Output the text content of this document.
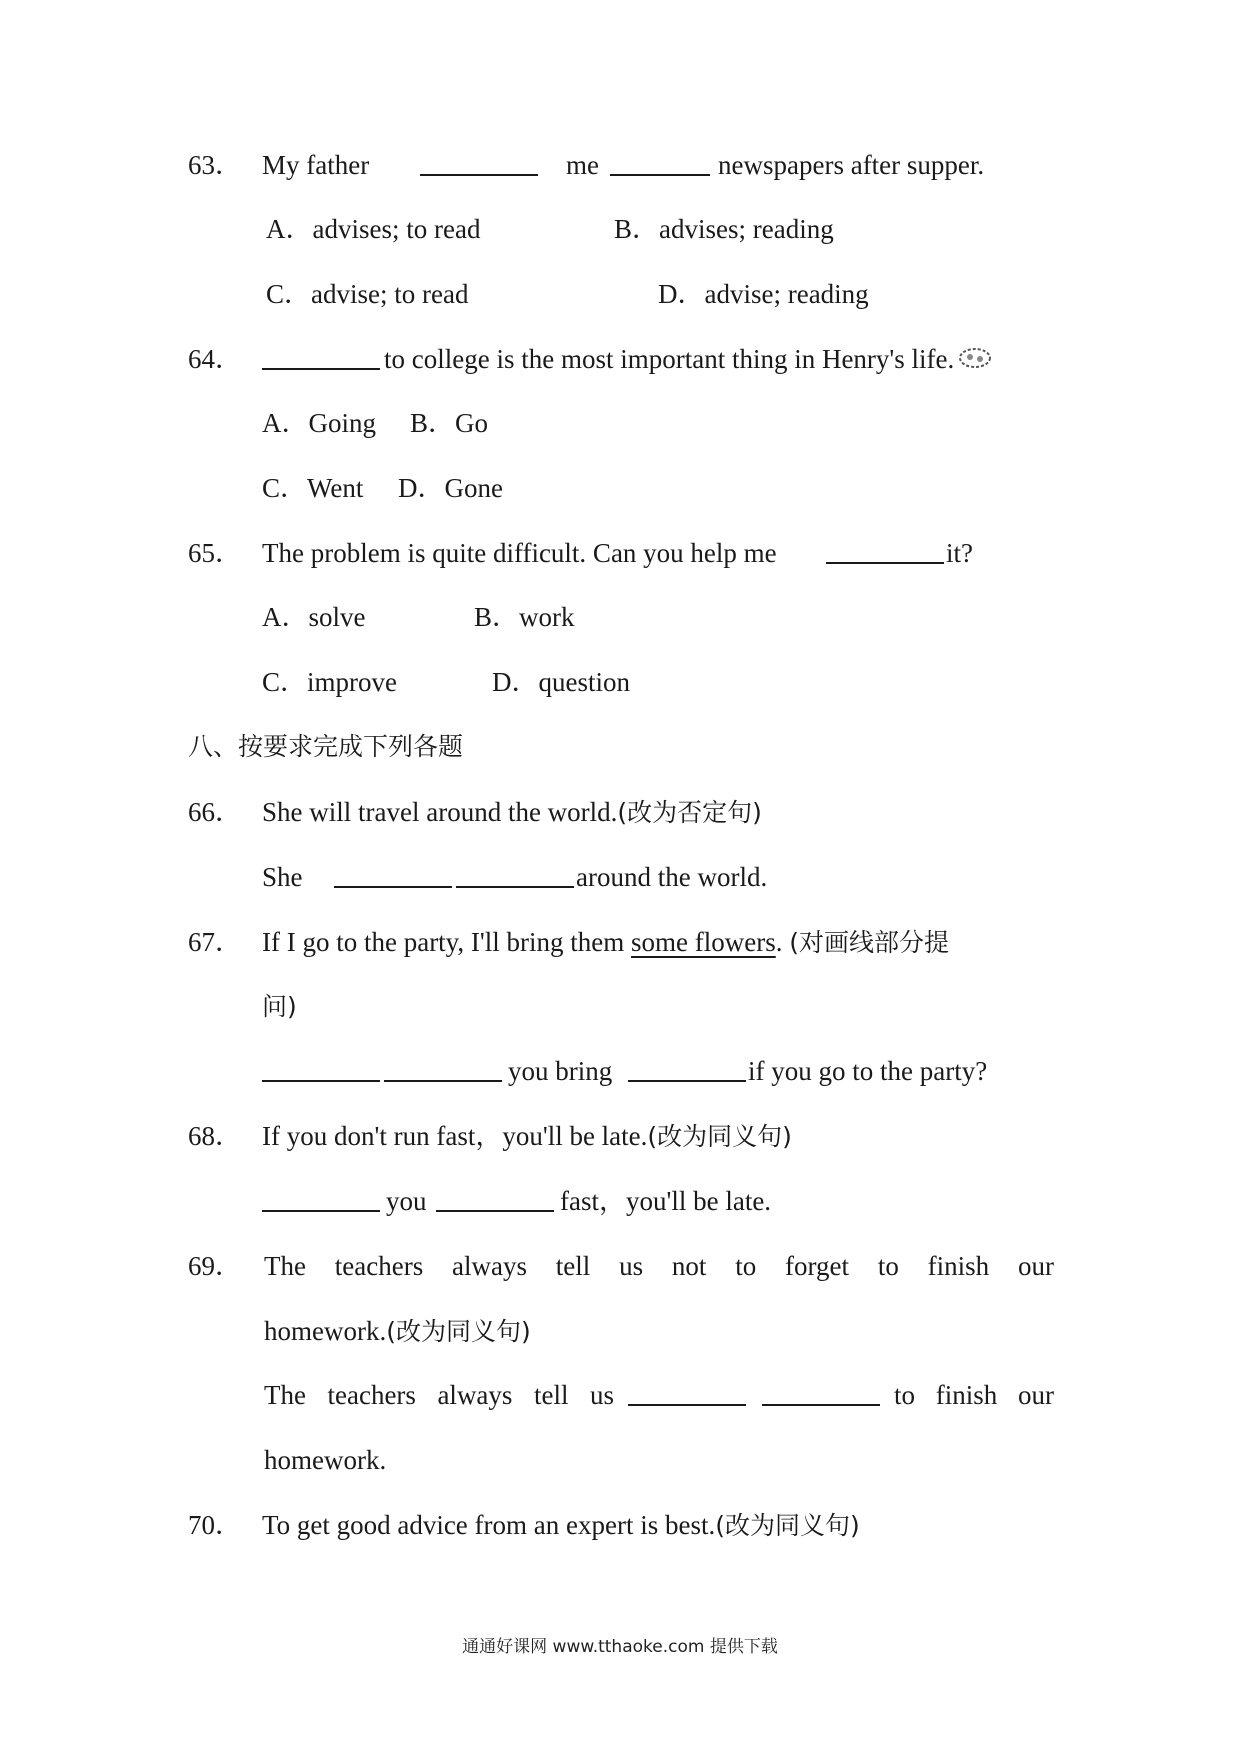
63． My father	me	newspapers after supper.
A．advises; to read	B．advises; reading
C．advise; to read	D．advise; reading
64．	to college is the most important thing in Henry's life.
A．Going B．Go
C．Went D．Gone
65． The problem is quite difficult. Can you help me	it?
A．solve	B．work
C．improve	D．question
八、按要求完成下列各题
66． She will travel around the world.(改为否定句)
She	around the world.
67． If I go to the party, I'll bring them some flowers. (对画线部分提
问)
you bring	if you go to the party?
68． If you don't run fast，you'll be late.(改为同义句)
you	fast，you'll be late.
69． The teachers always tell us not to forget to finish our
homework.(改为同义句)
The teachers always tell us	to finish our
homework.
70． To get good advice from an expert is best.(改为同义句)
通通好课网 www.tthaoke.com 提供下载
